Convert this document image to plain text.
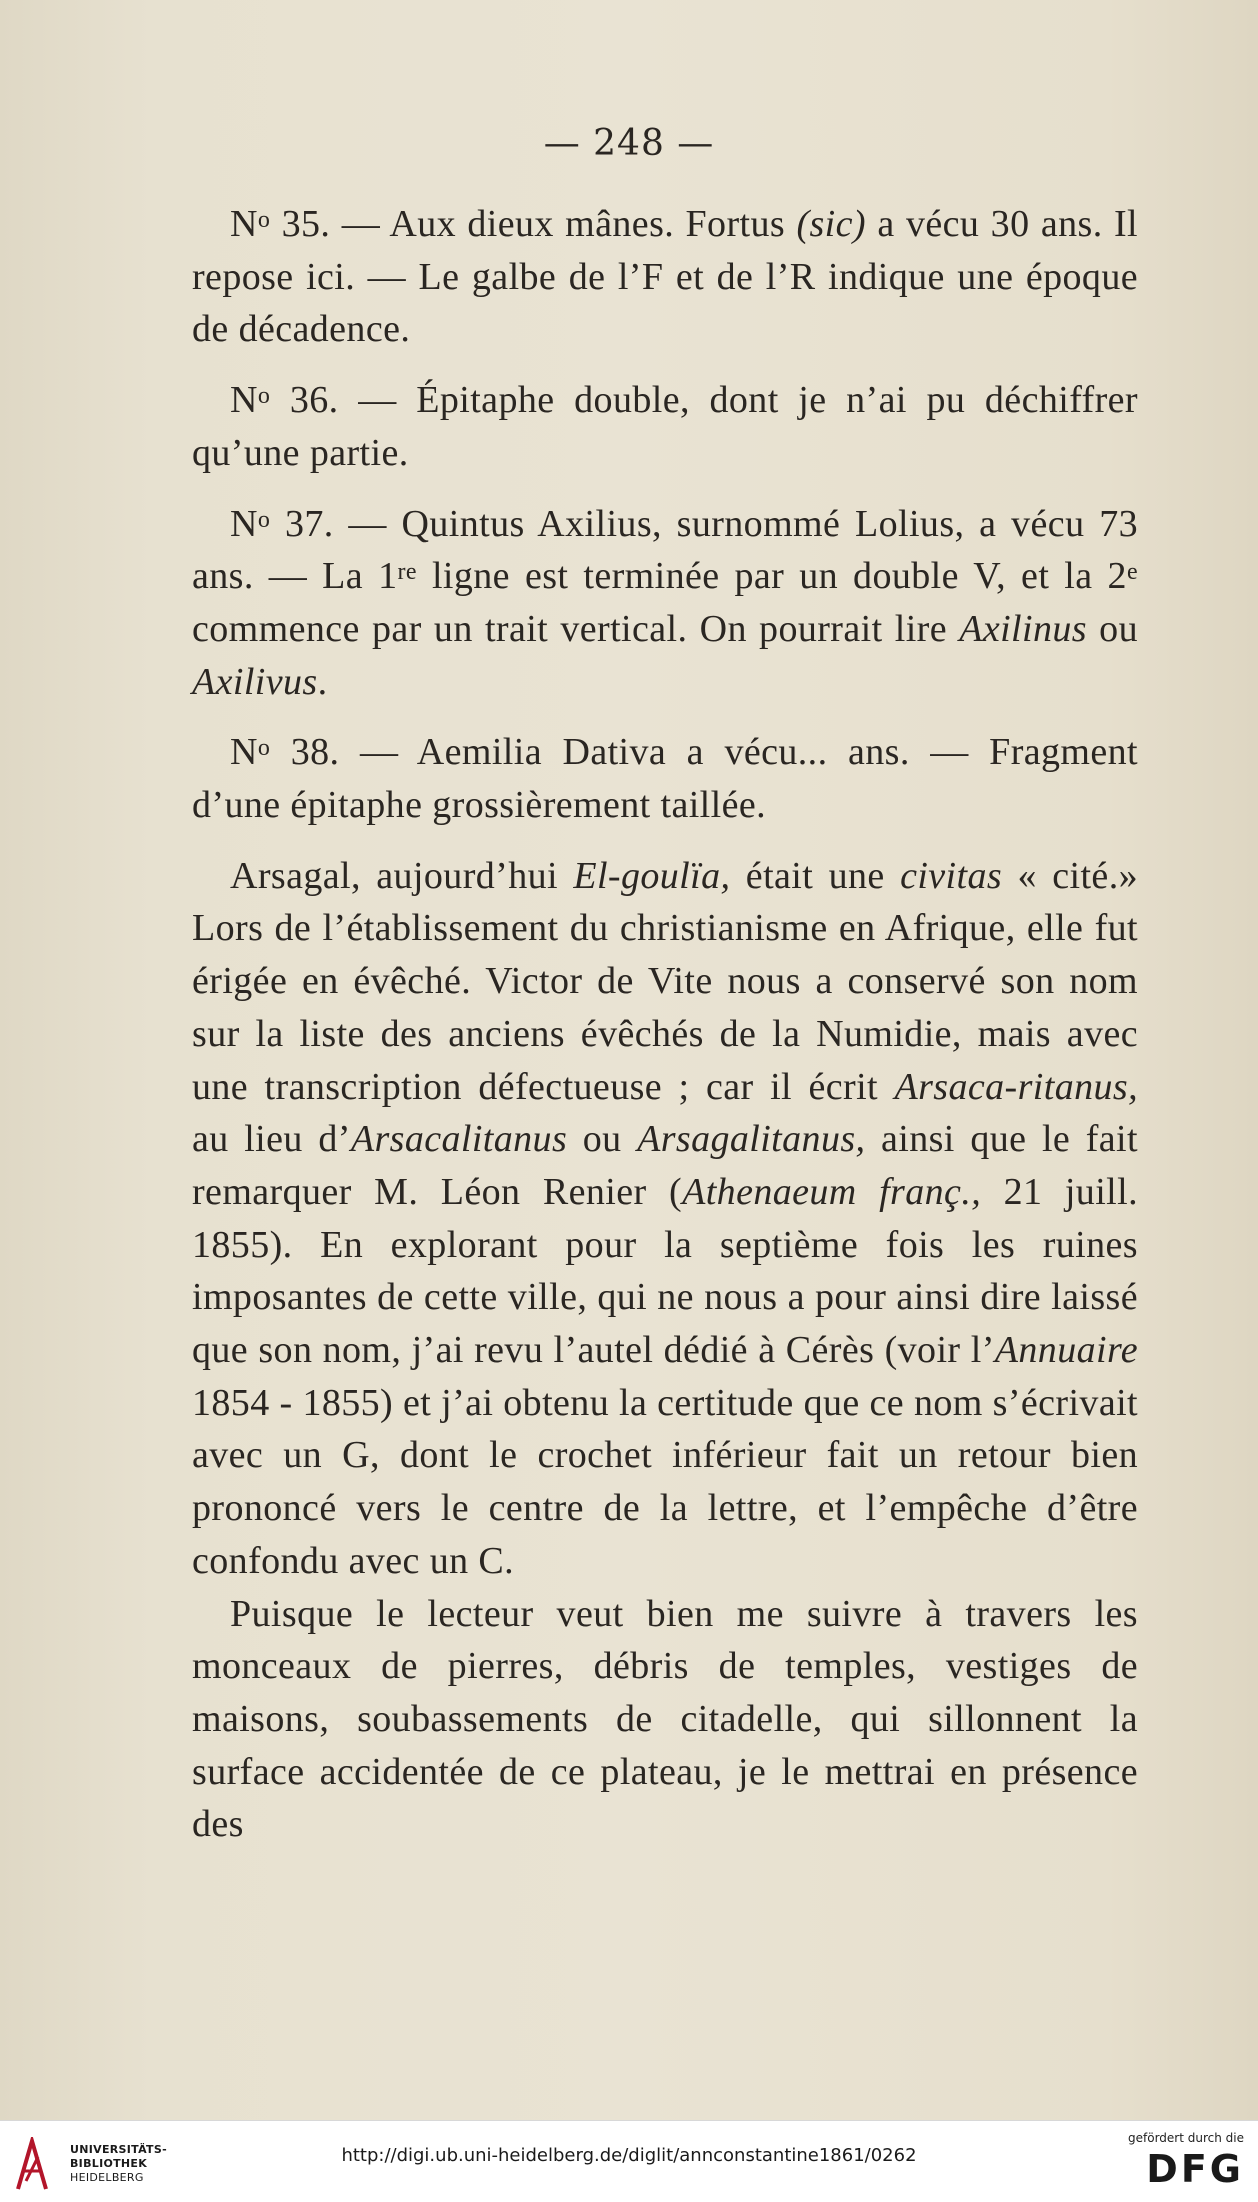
— 248 —

$N^o$ 35. — Aux dieux mânes. Fortus (sic) a vécu 30 ans. Il repose ici. — Le galbe de l’F et de l’R indique une époque de décadence.

$N^o$ 36. — Épitaphe double, dont je n’ai pu déchiffrer qu’une partie.

$N^o$ 37. — Quintus Axilius, surnommé Lolius, a vécu 73 ans. — La 1re ligne est terminée par un double V, et la 2e commence par un trait vertical. On pourrait lire Axilinus ou Axilivus.

$N^o$ 38. — Aemilia Dativa a vécu... ans. — Fragment d’une épitaphe grossièrement taillée.

Arsagal, aujourd’hui El-goulïa, était une civitas « cité.» Lors de l’établissement du christianisme en Afrique, elle fut érigée en évêché. Victor de Vite nous a conservé son nom sur la liste des anciens évêchés de la Numidie, mais avec une transcription défectueuse ; car il écrit Arsaca-ritanus, au lieu d’Arsacalitanus ou Arsagalitanus, ainsi que le fait remarquer M. Léon Renier (Athenaeum franç., 21 juill. 1855). En explorant pour la septième fois les ruines imposantes de cette ville, qui ne nous a pour ainsi dire laissé que son nom, j’ai revu l’autel dédié à Cérès (voir l’Annuaire 1854 - 1855) et j’ai obtenu la certitude que ce nom s’écrivait avec un G, dont le crochet inférieur fait un retour bien prononcé vers le centre de la lettre, et l’empêche d’être confondu avec un C.

Puisque le lecteur veut bien me suivre à travers les monceaux de pierres, débris de temples, vestiges de maisons, soubassements de citadelle, qui sillonnent la surface accidentée de ce plateau, je le mettrai en présence des

UNIVERSITÄTS-
BIBLIOTHEK
HEIDELBERG
http://digi.ub.uni-heidelberg.de/diglit/annconstantine1861/0262
gefördert durch die
DFG
